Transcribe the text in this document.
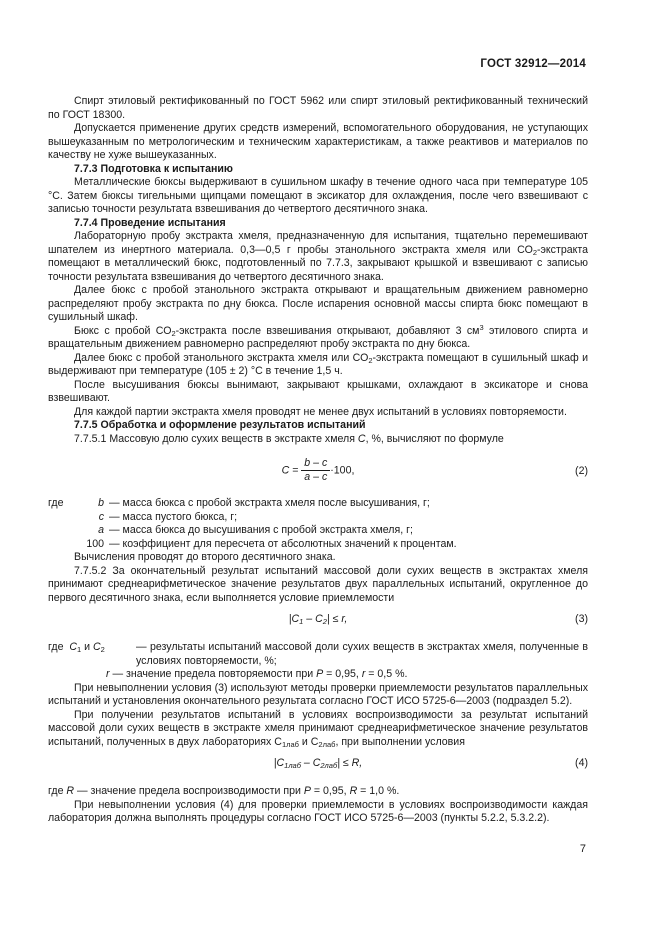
ГОСТ 32912—2014

Спирт этиловый ректификованный по ГОСТ 5962 или спирт этиловый ректификованный технический по ГОСТ 18300.

Допускается применение других средств измерений, вспомогательного оборудования, не уступающих вышеуказанным по метрологическим и техническим характеристикам, а также реактивов и материалов по качеству не хуже вышеуказанных.

7.7.3 Подготовка к испытанию

Металлические бюксы выдерживают в сушильном шкафу в течение одного часа при температуре 105 °С. Затем бюксы тигельными щипцами помещают в эксикатор для охлаждения, после чего взвешивают с записью точности результата взвешивания до четвертого десятичного знака.

7.7.4 Проведение испытания

Лабораторную пробу экстракта хмеля, предназначенную для испытания, тщательно перемешивают шпателем из инертного материала. 0,3—0,5 г пробы этанольного экстракта хмеля или $СО_2$-экстракта помещают в металлический бюкс, подготовленный по 7.7.3, закрывают крышкой и взвешивают с записью точности результата взвешивания до четвертого десятичного знака.

Далее бюкс с пробой этанольного экстракта открывают и вращательным движением равномерно распределяют пробу экстракта по дну бюкса. После испарения основной массы спирта бюкс помещают в сушильный шкаф.

Бюкс с пробой $СО_2$-экстракта после взвешивания открывают, добавляют 3 $см^3$ этилового спирта и вращательным движением равномерно распределяют пробу экстракта по дну бюкса.

Далее бюкс с пробой этанольного экстракта хмеля или $СО_2$-экстракта помещают в сушильный шкаф и выдерживают при температуре (105 ± 2) °С в течение 1,5 ч.

После высушивания бюксы вынимают, закрывают крышками, охлаждают в эксикаторе и снова взвешивают.

Для каждой партии экстракта хмеля проводят не менее двух испытаний в условиях повторяемости.

7.7.5 Обработка и оформление результатов испытаний

7.7.5.1 Массовую долю сухих веществ в экстракте хмеля С, %, вычисляют по формуле

$C = \frac{b - c}{a - c} \cdot 100$,	(2)
где	b — масса бюкса с пробой экстракта хмеля после высушивания, г;
c — масса пустого бюкса, г;
a — масса бюкса до высушивания с пробой экстракта хмеля, г;
100 — коэффициент для пересчета от абсолютных значений к процентам.

Вычисления проводят до второго десятичного знака.

7.7.5.2 За окончательный результат испытаний массовой доли сухих веществ в экстрактах хмеля принимают среднеарифметическое значение результатов двух параллельных испытаний, округленное до первого десятичного знака, если выполняется условие приемлемости

$|C_1 - C_2| \le r$,	(3)
где $C_1$ и $C_2$	— результаты испытаний массовой доли сухих веществ в экстрактах хмеля, полученные в условиях повторяемости, %;
r — значение предела повторяемости при P = 0,95, r = 0,5 %.

При невыполнении условия (3) используют методы проверки приемлемости результатов параллельных испытаний и установления окончательного результата согласно ГОСТ ИСО 5725-6—2003 (подраздел 5.2).

При получении результатов испытаний в условиях воспроизводимости за результат испытаний массовой доли сухих веществ в экстракте хмеля принимают среднеарифметическое значение результатов испытаний, полученных в двух лабораториях $С_{1лаб}$ и $С_{2лаб}$, при выполнении условия

$|C_{1лаб} - C_{2лаб}| \le R$,	(4)

где R — значение предела воспроизводимости при P = 0,95, R = 1,0 %.

При невыполнении условия (4) для проверки приемлемости в условиях воспроизводимости каждая лаборатория должна выполнять процедуры согласно ГОСТ ИСО 5725-6—2003 (пункты 5.2.2, 5.3.2.2).

7
